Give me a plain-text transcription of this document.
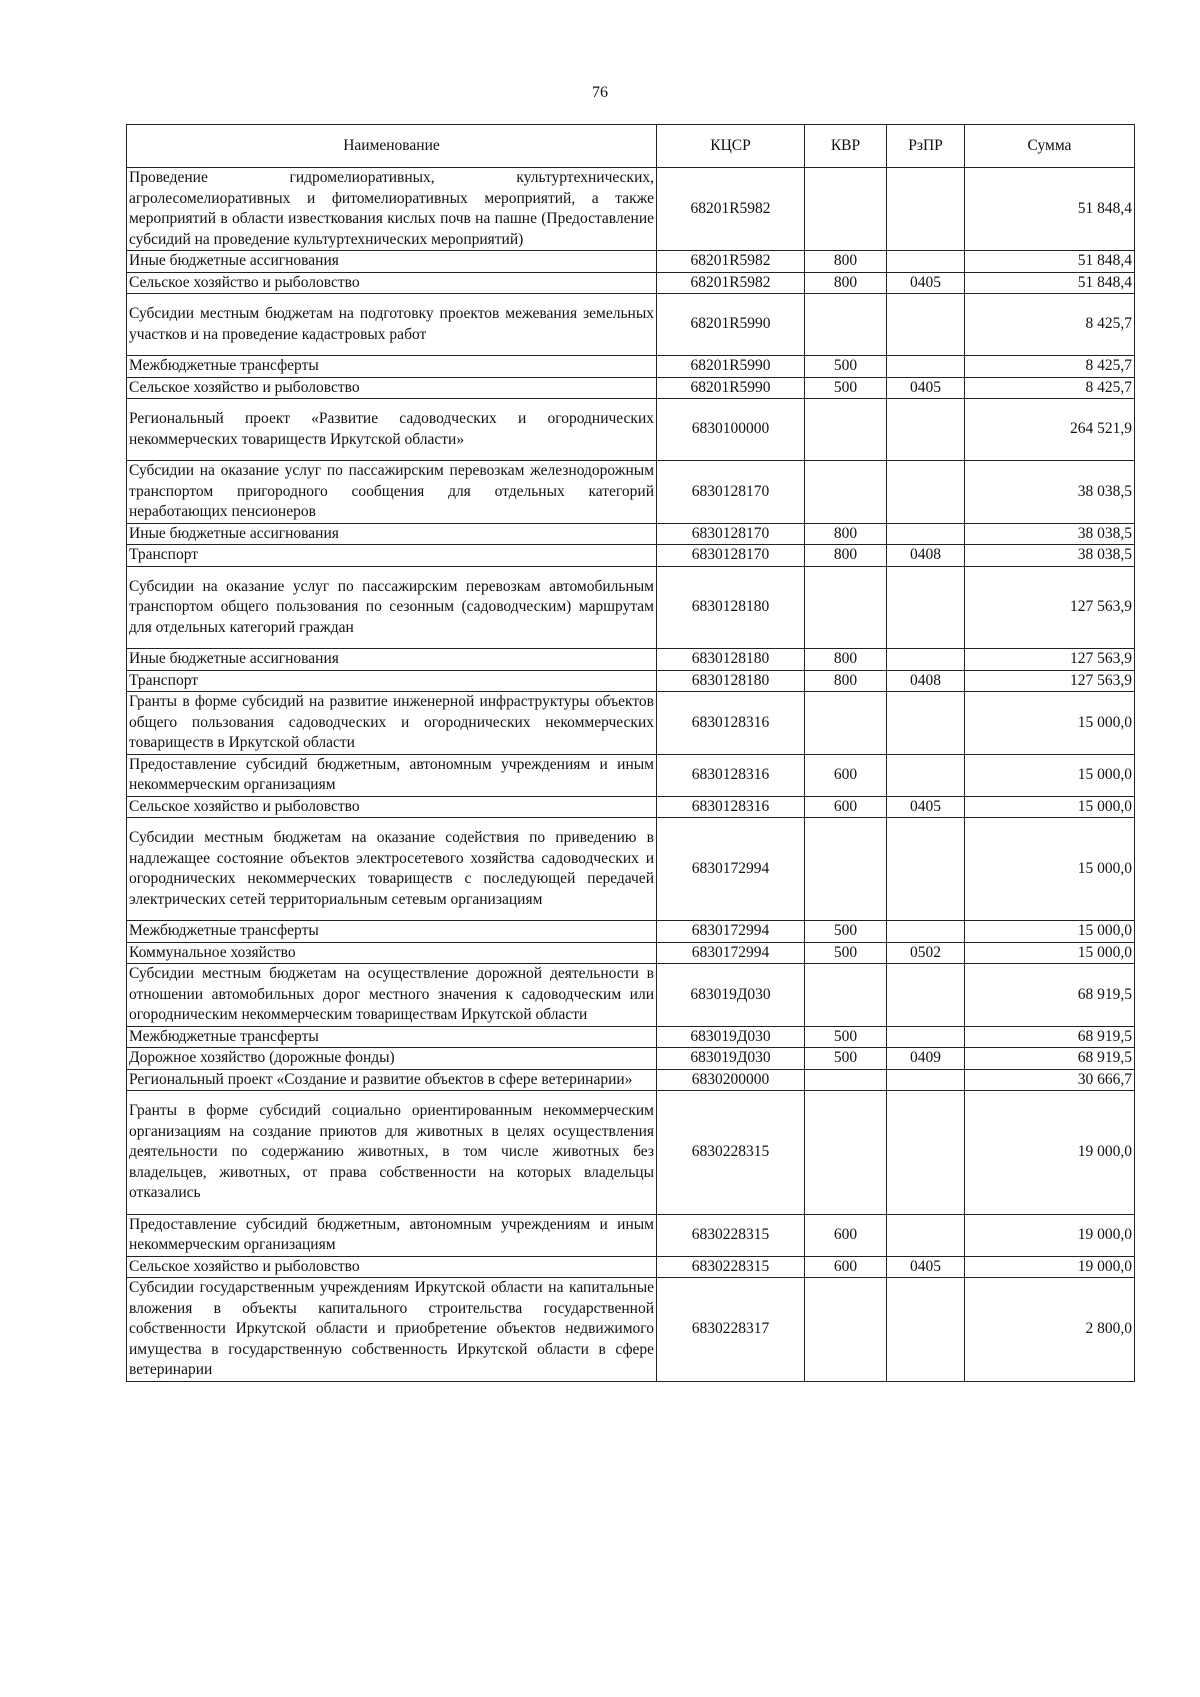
76
Наименование	КЦСР	КВР	РзПР	Сумма
Проведение гидромелиоративных, культуртехнических, агролесомелиоративных и фитомелиоративных мероприятий, а также мероприятий в области известкования кислых почв на пашне (Предоставление субсидий на проведение культуртехнических мероприятий)	68201R5982			51 848,4
Иные бюджетные ассигнования	68201R5982	800		51 848,4
Сельское хозяйство и рыболовство	68201R5982	800	0405	51 848,4
Субсидии местным бюджетам на подготовку проектов межевания земельных участков и на проведение кадастровых работ	68201R5990			8 425,7
Межбюджетные трансферты	68201R5990	500		8 425,7
Сельское хозяйство и рыболовство	68201R5990	500	0405	8 425,7
Региональный проект «Развитие садоводческих и огороднических некоммерческих товариществ Иркутской области»	6830100000			264 521,9
Субсидии на оказание услуг по пассажирским перевозкам железнодорожным транспортом пригородного сообщения для отдельных категорий неработающих пенсионеров	6830128170			38 038,5
Иные бюджетные ассигнования	6830128170	800		38 038,5
Транспорт	6830128170	800	0408	38 038,5
Субсидии на оказание услуг по пассажирским перевозкам автомобильным транспортом общего пользования по сезонным (садоводческим) маршрутам для отдельных категорий граждан	6830128180			127 563,9
Иные бюджетные ассигнования	6830128180	800		127 563,9
Транспорт	6830128180	800	0408	127 563,9
Гранты в форме субсидий на развитие инженерной инфраструктуры объектов общего пользования садоводческих и огороднических некоммерческих товариществ в Иркутской области	6830128316			15 000,0
Предоставление субсидий бюджетным, автономным учреждениям и иным некоммерческим организациям	6830128316	600		15 000,0
Сельское хозяйство и рыболовство	6830128316	600	0405	15 000,0
Субсидии местным бюджетам на оказание содействия по приведению в надлежащее состояние объектов электросетевого хозяйства садоводческих и огороднических некоммерческих товариществ с последующей передачей электрических сетей территориальным сетевым организациям	6830172994			15 000,0
Межбюджетные трансферты	6830172994	500		15 000,0
Коммунальное хозяйство	6830172994	500	0502	15 000,0
Субсидии местным бюджетам на осуществление дорожной деятельности в отношении автомобильных дорог местного значения к садоводческим или огородническим некоммерческим товариществам Иркутской области	683019Д030			68 919,5
Межбюджетные трансферты	683019Д030	500		68 919,5
Дорожное хозяйство (дорожные фонды)	683019Д030	500	0409	68 919,5
Региональный проект «Создание и развитие объектов в сфере ветеринарии»	6830200000			30 666,7
Гранты в форме субсидий социально ориентированным некоммерческим организациям на создание приютов для животных в целях осуществления деятельности по содержанию животных, в том числе животных без владельцев, животных, от права собственности на которых владельцы отказались	6830228315			19 000,0
Предоставление субсидий бюджетным, автономным учреждениям и иным некоммерческим организациям	6830228315	600		19 000,0
Сельское хозяйство и рыболовство	6830228315	600	0405	19 000,0
Субсидии государственным учреждениям Иркутской области на капитальные вложения в объекты капитального строительства государственной собственности Иркутской области и приобретение объектов недвижимого имущества в государственную собственность Иркутской области в сфере ветеринарии	6830228317			2 800,0
